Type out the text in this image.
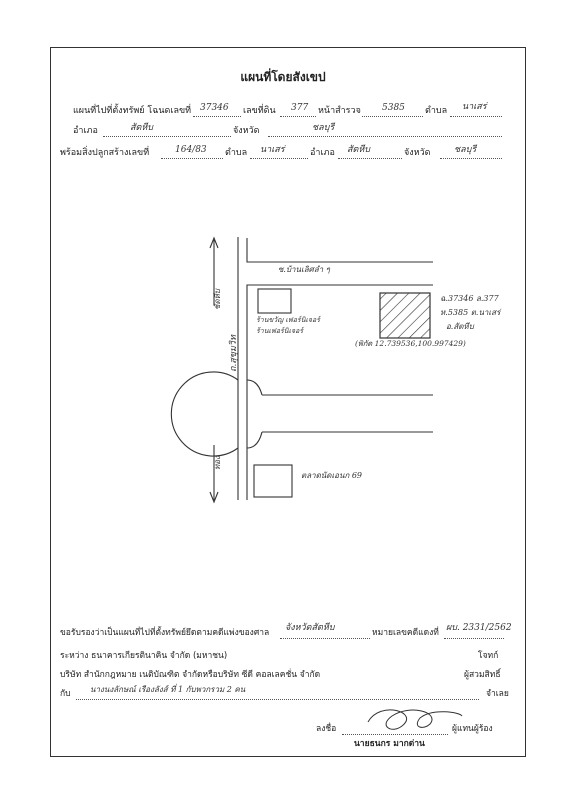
แผนที่โดยสังเขป
แผนที่ไปที่ตั้งทรัพย์ โฉนดเลขที่ 37346 เลขที่ดิน 377 หน้าสำรวจ 5385 ตำบล นาเสร่
อำเภอ	สัตหีบ	จังหวัด	ชลบุรี
พร้อมสิ่งปลูกสร้างเลขที่	164/83 ตำบล นาเสร่	อำเภอ สัตหีบ	จังหวัด	ชลบุรี
ชัดหีบ
ทอง
ถ.สุขุมวิท
ซ.บ้านเลิศลำ ๆ
ร้านขวัญ เฟอร์นิเจอร์
ร้านเฟอร์นิเจอร์
ฉ.37346 ล.377
ห.5385 ต.นาเสร่
อ.สัตหีบ
(พิกัด 12.739536,100.997429)
ตลาดนัดเอนก 69
ขอรับรองว่าเป็นแผนที่ไปที่ตั้งทรัพย์ยึดตามคดีแพ่งของศาล จังหวัดสัตหีบ	หมายเลขคดีแดงที่ ผบ. 2331/2562
ระหว่าง ธนาคารเกียรตินาคิน จำกัด (มหาชน)	โจทก์
บริษัท สำนักกฎหมาย เนติบัณฑิต จำกัดหรือบริษัท ซีดี คอลเลคชั่น จำกัด	ผู้สวมสิทธิ์
กับ นางนงลักษณ์ เรืองลังส์ ที่ 1 กับพวกรวม 2 คน	จำเลย
ลงชื่อ	ผู้แทนผู้ร้อง
นายธนกร มากด่าน
